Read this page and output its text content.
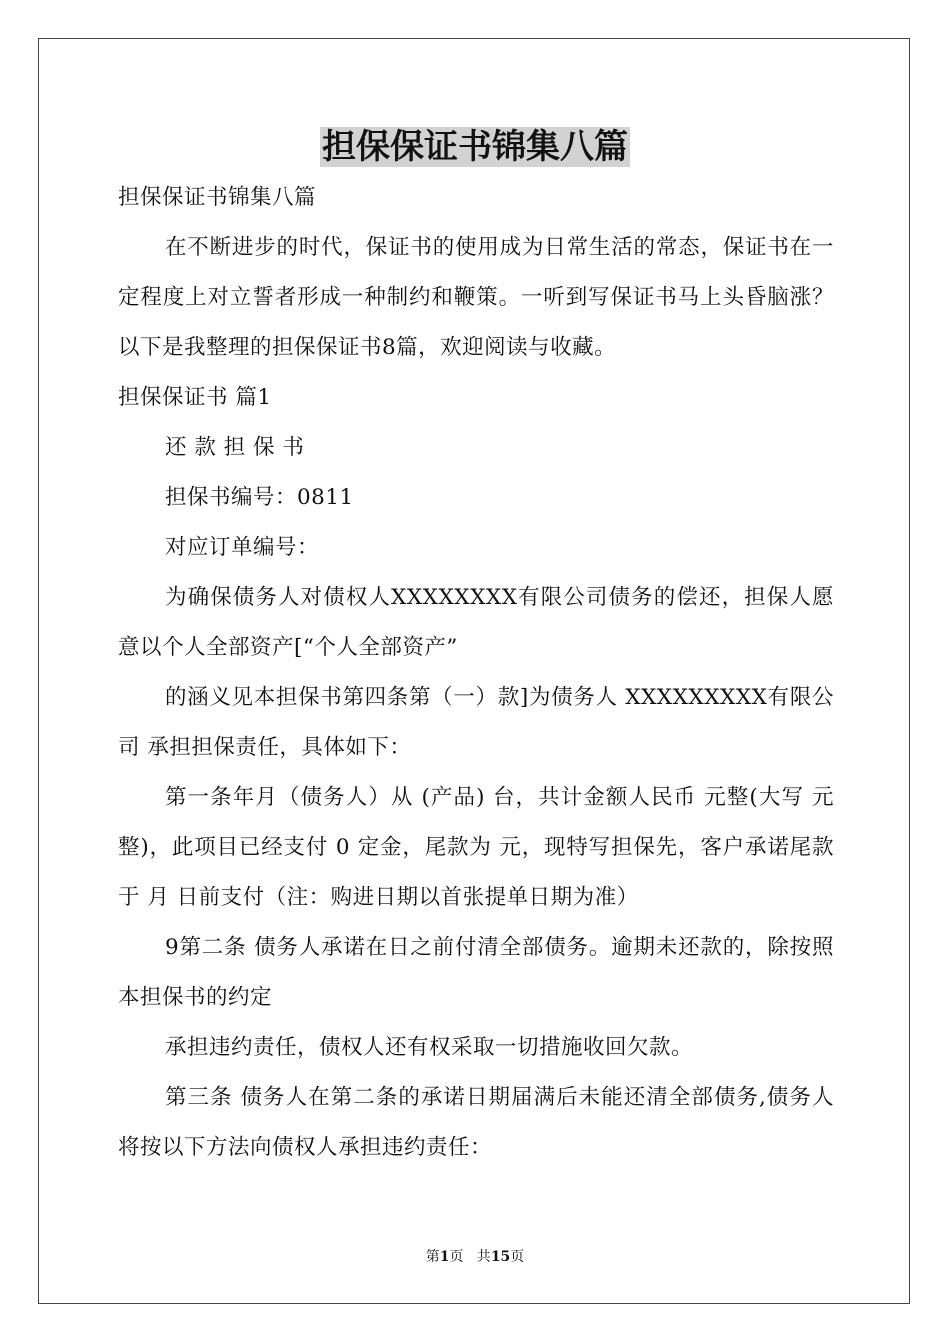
担保保证书锦集八篇

担保保证书锦集八篇

在不断进步的时代，保证书的使用成为日常生活的常态，保证书在一定程度上对立誓者形成一种制约和鞭策。一听到写保证书马上头昏脑涨？以下是我整理的担保保证书8篇，欢迎阅读与收藏。

担保保证书 篇1

还 款 担 保 书

担保书编号：0811

对应订单编号：

为确保债务人对债权人XXXXXXXX有限公司债务的偿还，担保人愿意以个人全部资产[“个人全部资产”

的涵义见本担保书第四条第（一）款]为债务人 XXXXXXXXX有限公司 承担担保责任，具体如下：

第一条年月（债务人）从 (产品) 台，共计金额人民币 元整(大写 元整)，此项目已经支付 0 定金，尾款为 元，现特写担保先，客户承诺尾款于 月 日前支付（注：购进日期以首张提单日期为准）

9第二条 债务人承诺在日之前付清全部债务。逾期未还款的，除按照本担保书的约定

承担违约责任，债权人还有权采取一切措施收回欠款。

第三条 债务人在第二条的承诺日期届满后未能还清全部债务,债务人将按以下方法向债权人承担违约责任：

第1页   共15页
